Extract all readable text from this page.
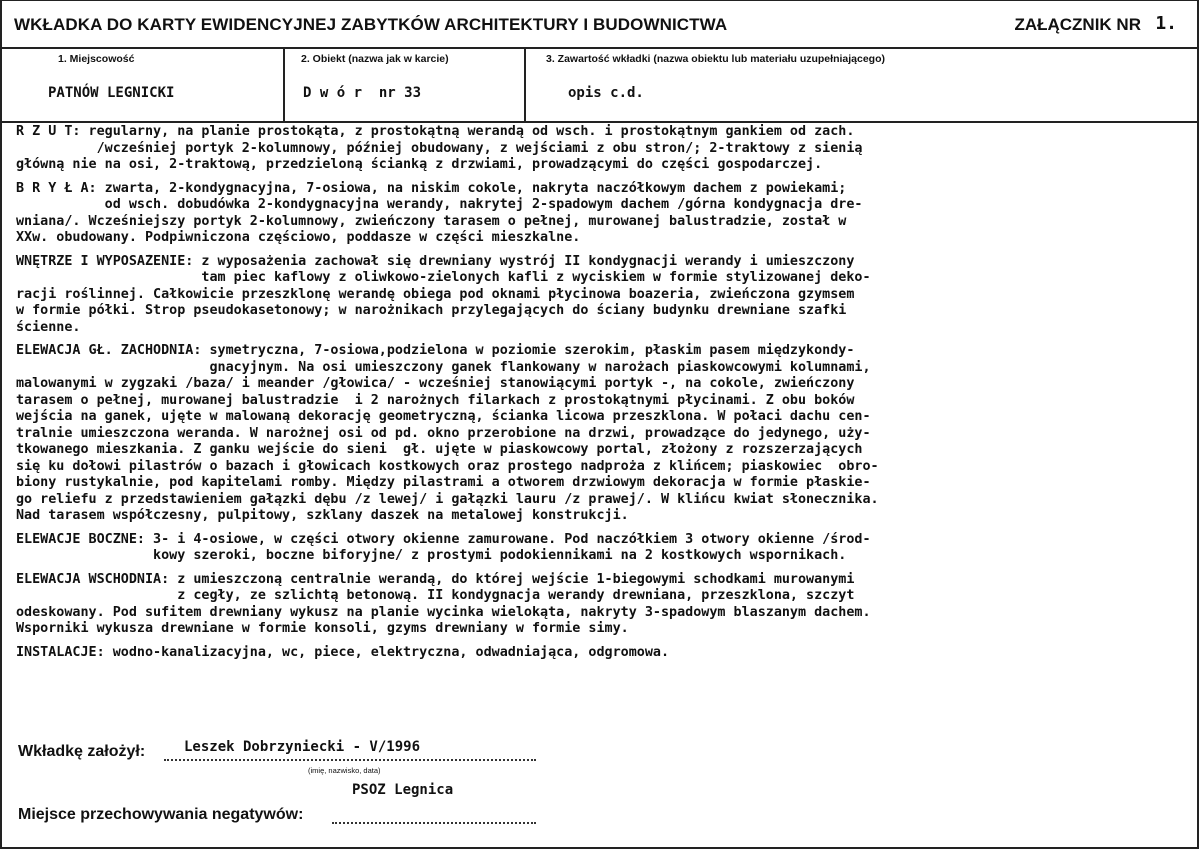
WKŁADKA DO KARTY EWIDENCYJNEJ ZABYTKÓW ARCHITEKTURY I BUDOWNICTWA	ZAŁĄCZNIK NR 1.
1. Miejscowość
PATNÓW LEGNICKI
2. Obiekt (nazwa jak w karcie)
D w ó r  nr 33
3. Zawartość wkładki (nazwa obiektu lub materiału uzupełniającego)
opis c.d.
R Z U T: regularny, na planie prostokąta, z prostokątną werandą od wsch. i prostokątnym gankiem od zach.
/wcześniej portyk 2-kolumnowy, później obudowany, z wejściami z obu stron/; 2-traktowy z sienią
główną nie na osi, 2-traktową, przedzieloną ścianką z drzwiami, prowadzącymi do części gospodarczej.
B R Y Ł A: zwarta, 2-kondygnacyjna, 7-osiowa, na niskim cokole, nakryta naczółkowym dachem z powiekami;
od wsch. dobudówka 2-kondygnacyjna werandy, nakrytej 2-spadowym dachem /górna kondygnacja dre-
wniana/. Wcześniejszy portyk 2-kolumnowy, zwieńczony tarasem o pełnej, murowanej balustradzie, został w
XXw. obudowany. Podpiwniczona częściowo, poddasze w części mieszkalne.
WNĘTRZE I WYPOSAŻENIE: z wyposażenia zachował się drewniany wystrój II kondygnacji werandy i umieszczony
tam piec kaflowy z oliwkowo-zielonych kafli z wyciskiem w formie stylizowanej deko-
racji roślinnej. Całkowicie przeszklonę werandę obiega pod oknami płycinowa boazeria, zwieńczona gzymsem
w formie półki. Strop pseudokasetonowy; w narożnikach przylegających do ściany budynku drewniane szafki
ścienne.
ELEWACJA GŁ. ZACHODNIA: symetryczna, 7-osiowa,podzielona w poziomie szerokim, płaskim pasem międzykondy-
gnacyjnym. Na osi umieszczony ganek flankowany w narożach piaskowcowymi kolumnami,
malowanymi w zygzaki /baza/ i meander /głowica/ - wcześniej stanowiącymi portyk -, na cokole, zwieńczony
tarasem o pełnej, murowanej balustradzie  i 2 narożnych filarkach z prostokątnymi płycinami. Z obu boków
wejścia na ganek, ujęte w malowaną dekorację geometryczną, ścianka licowa przeszklona. W połaci dachu cen-
tralnie umieszczona weranda. W narożnej osi od pd. okno przerobione na drzwi, prowadzące do jedynego, uży-
tkowanego mieszkania. Z ganku wejście do sieni  gł. ujęte w piaskowcowy portal, złożony z rozszerzających
się ku dołowi pilastrów o bazach i głowicach kostkowych oraz prostego nadproża z klińcem; piaskowiec  obro-
biony rustykalnie, pod kapitelami romby. Między pilastrami a otworem drzwiowym dekoracja w formie płaskie-
go reliefu z przedstawieniem gałązki dębu /z lewej/ i gałązki lauru /z prawej/. W klińcu kwiat słonecznika.
Nad tarasem współczesny, pulpitowy, szklany daszek na metalowej konstrukcji.
ELEWACJE BOCZNE: 3- i 4-osiowe, w części otwory okienne zamurowane. Pod naczółkiem 3 otwory okienne /środ-
kowy szeroki, boczne biforyjne/ z prostymi podokiennikami na 2 kostkowych wspornikach.
ELEWACJA WSCHODNIA: z umieszczoną centralnie werandą, do której wejście 1-biegowymi schodkami murowanymi
z cegły, ze szlichtą betonową. II kondygnacja werandy drewniana, przeszklona, szczyt
odeskowany. Pod sufitem drewniany wykusz na planie wycinka wielokąta, nakryty 3-spadowym blaszanym dachem.
Wsporniki wykusza drewniane w formie konsoli, gzyms drewniany w formie simy.
INSTALACJE: wodno-kanalizacyjna, wc, piece, elektryczna, odwadniająca, odgromowa.
Wkładkę założył:	Leszek Dobrzyniecki - V/1996
(imię, nazwisko, data)
PSOZ Legnica
Miejsce przechowywania negatywów:
